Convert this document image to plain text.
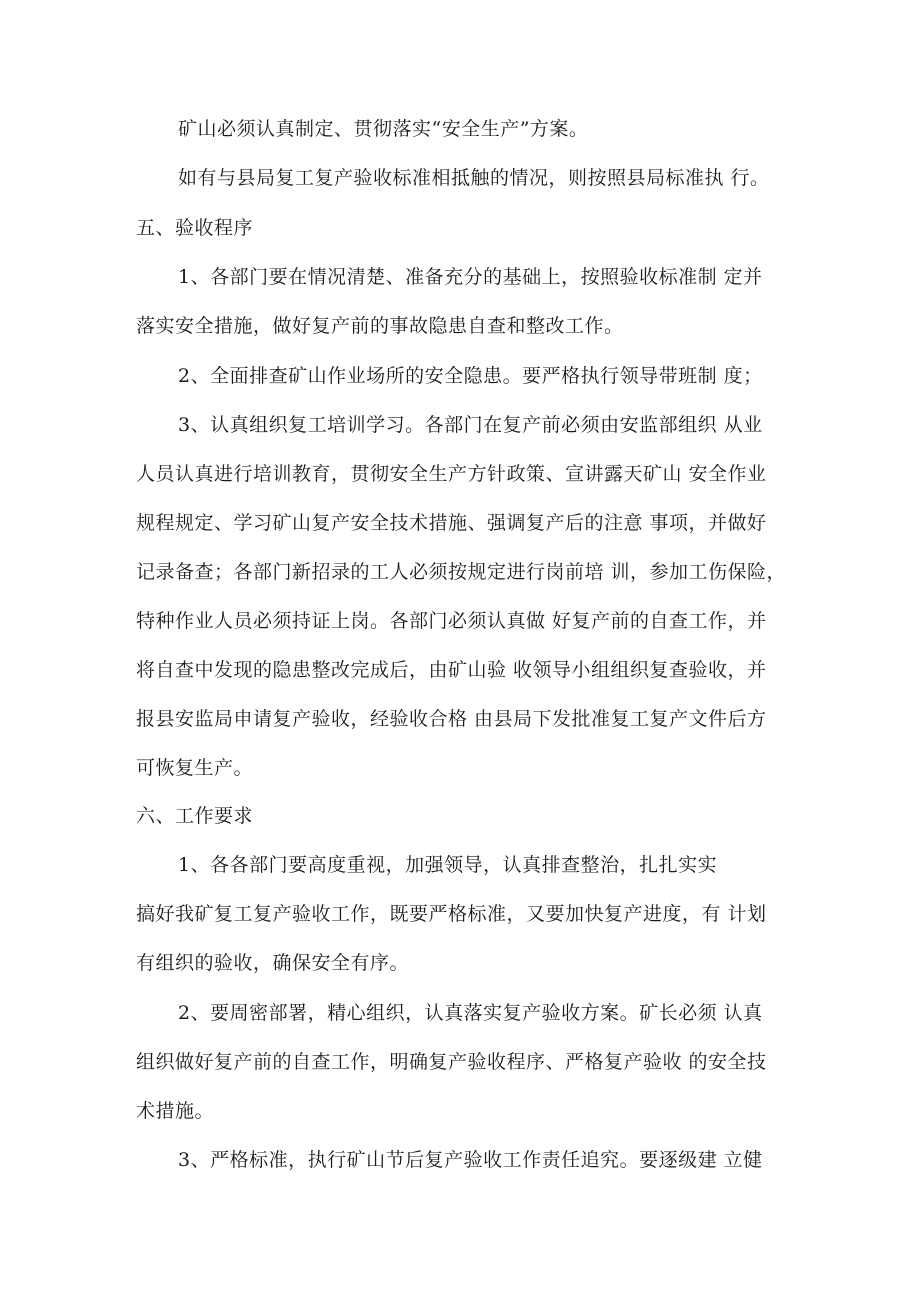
矿山必须认真制定、贯彻落实“安全生产”方案。
如有与县局复工复产验收标准相抵触的情况，则按照县局标准执 行。
五、验收程序
1、各部门要在情况清楚、准备充分的基础上，按照验收标准制 定并
落实安全措施，做好复产前的事故隐患自查和整改工作。
2、全面排查矿山作业场所的安全隐患。要严格执行领导带班制 度；
3、认真组织复工培训学习。各部门在复产前必须由安监部组织 从业
人员认真进行培训教育，贯彻安全生产方针政策、宣讲露天矿山 安全作业
规程规定、学习矿山复产安全技术措施、强调复产后的注意 事项，并做好
记录备查；各部门新招录的工人必须按规定进行岗前培 训，参加工伤保险，
特种作业人员必须持证上岗。各部门必须认真做 好复产前的自查工作，并
将自查中发现的隐患整改完成后，由矿山验 收领导小组组织复查验收，并
报县安监局申请复产验收，经验收合格 由县局下发批准复工复产文件后方
可恢复生产。
六、工作要求
1、各各部门要高度重视，加强领导，认真排查整治，扎扎实实
搞好我矿复工复产验收工作，既要严格标准，又要加快复产进度，有 计划
有组织的验收，确保安全有序。
2、要周密部署，精心组织，认真落实复产验收方案。矿长必须 认真
组织做好复产前的自查工作，明确复产验收程序、严格复产验收 的安全技
术措施。
3、严格标准，执行矿山节后复产验收工作责任追究。要逐级建 立健
